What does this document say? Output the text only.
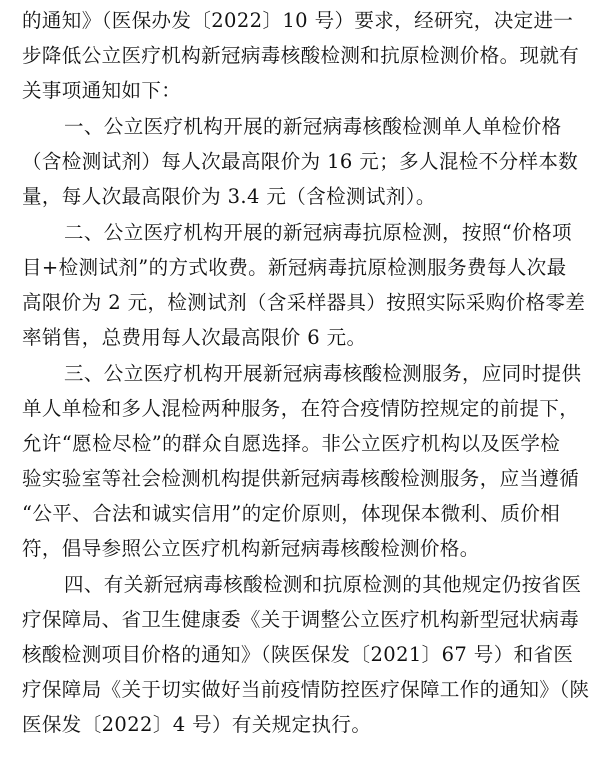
的通知》（医保办发〔2022〕10 号）要求，经研究，决定进一
步降低公立医疗机构新冠病毒核酸检测和抗原检测价格。现就有
关事项通知如下：
一、公立医疗机构开展的新冠病毒核酸检测单人单检价格
（含检测试剂）每人次最高限价为 16 元；多人混检不分样本数
量，每人次最高限价为 3.4 元（含检测试剂）。
二、公立医疗机构开展的新冠病毒抗原检测，按照“价格项
目+检测试剂”的方式收费。新冠病毒抗原检测服务费每人次最
高限价为 2 元，检测试剂（含采样器具）按照实际采购价格零差
率销售，总费用每人次最高限价 6 元。
三、公立医疗机构开展新冠病毒核酸检测服务，应同时提供
单人单检和多人混检两种服务，在符合疫情防控规定的前提下，
允许“愿检尽检”的群众自愿选择。非公立医疗机构以及医学检
验实验室等社会检测机构提供新冠病毒核酸检测服务，应当遵循
“公平、合法和诚实信用”的定价原则，体现保本微利、质价相
符，倡导参照公立医疗机构新冠病毒核酸检测价格。
四、有关新冠病毒核酸检测和抗原检测的其他规定仍按省医
疗保障局、省卫生健康委《关于调整公立医疗机构新型冠状病毒
核酸检测项目价格的通知》（陕医保发〔2021〕67 号）和省医
疗保障局《关于切实做好当前疫情防控医疗保障工作的通知》（陕
医保发〔2022〕4 号）有关规定执行。
